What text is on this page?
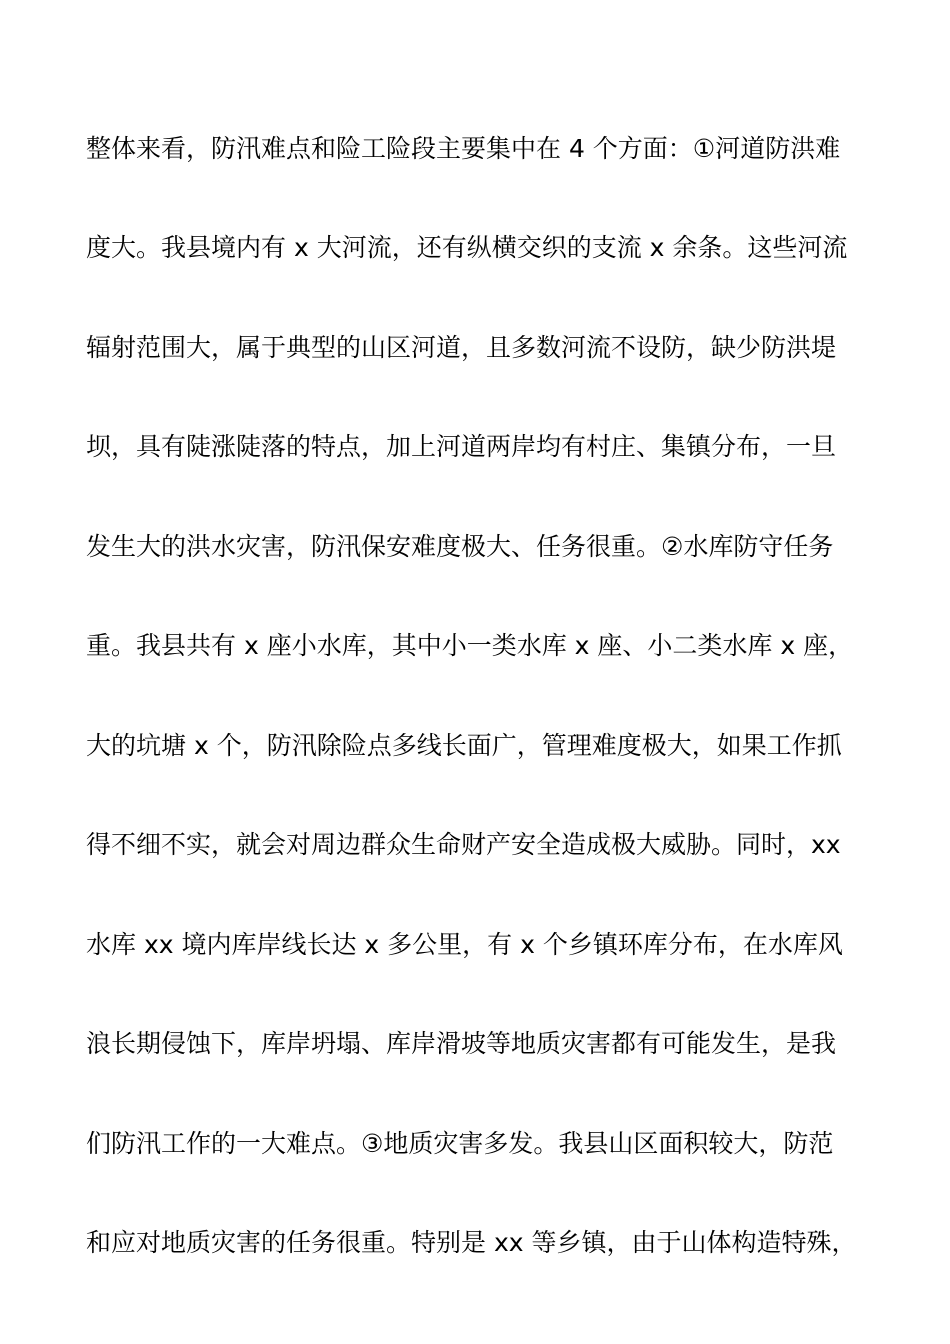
整体来看，防汛难点和险工险段主要集中在 4 个方面：①河道防洪难
度大。我县境内有 x 大河流，还有纵横交织的支流 x 余条。这些河流
辐射范围大，属于典型的山区河道，且多数河流不设防，缺少防洪堤
坝，具有陡涨陡落的特点，加上河道两岸均有村庄、集镇分布，一旦
发生大的洪水灾害，防汛保安难度极大、任务很重。②水库防守任务
重。我县共有 x 座小水库，其中小一类水库 x 座、小二类水库 x 座，
大的坑塘 x 个，防汛除险点多线长面广，管理难度极大，如果工作抓
得不细不实，就会对周边群众生命财产安全造成极大威胁。同时，xx
水库 xx 境内库岸线长达 x 多公里，有 x 个乡镇环库分布，在水库风
浪长期侵蚀下，库岸坍塌、库岸滑坡等地质灾害都有可能发生，是我
们防汛工作的一大难点。③地质灾害多发。我县山区面积较大，防范
和应对地质灾害的任务很重。特别是 xx 等乡镇，由于山体构造特殊，
